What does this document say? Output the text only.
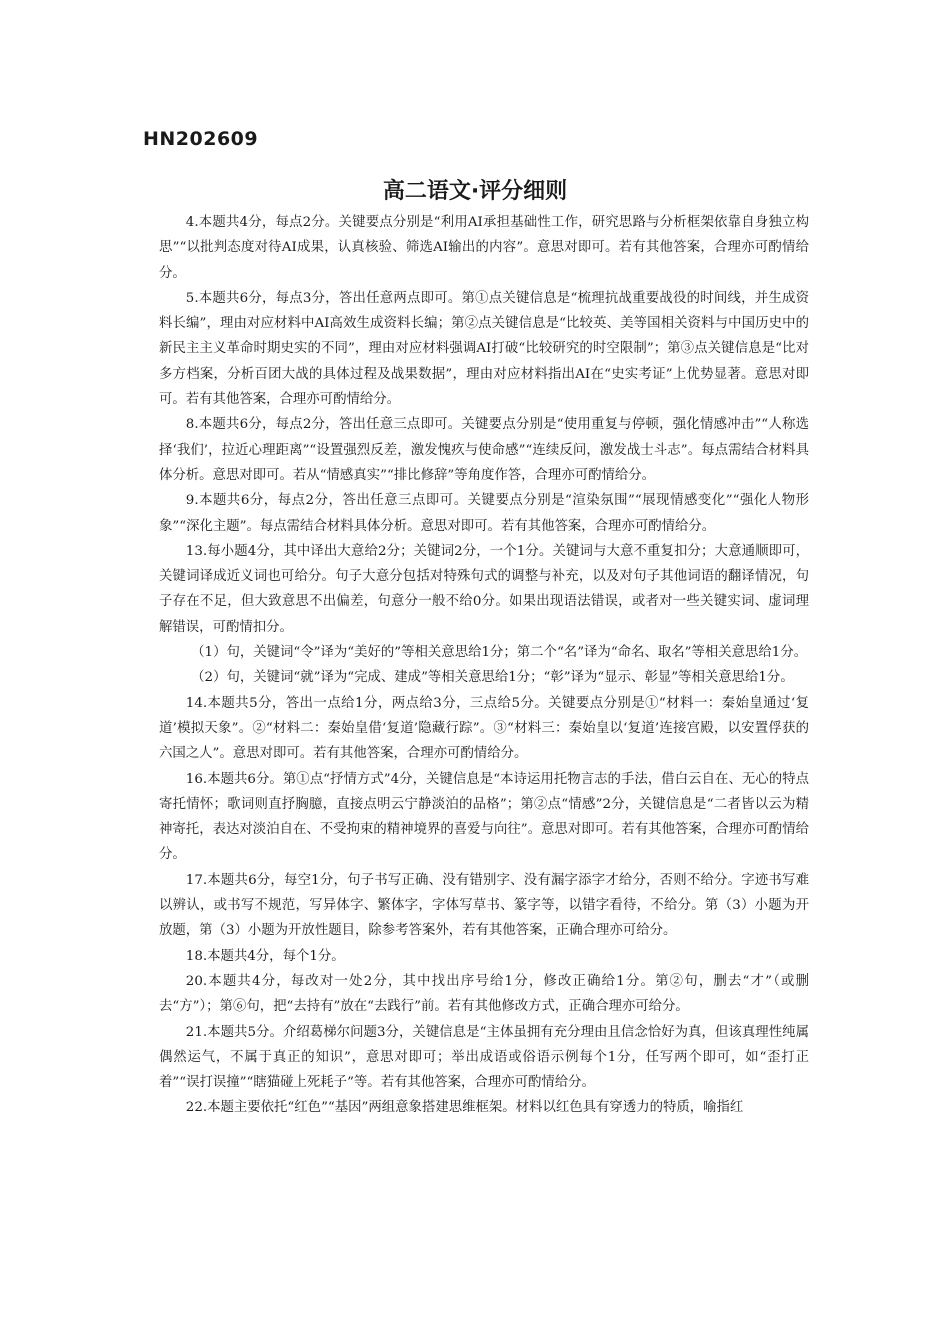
HN202609
高二语文·评分细则

4.本题共4分，每点2分。关键要点分别是“利用AI承担基础性工作，研究思路与分析框架依靠自身独立构思”“以批判态度对待AI成果，认真核验、筛选AI输出的内容”。意思对即可。若有其他答案，合理亦可酌情给分。

5.本题共6分，每点3分，答出任意两点即可。第①点关键信息是“梳理抗战重要战役的时间线，并生成资料长编”，理由对应材料中AI高效生成资料长编；第②点关键信息是“比较英、美等国相关资料与中国历史中的新民主主义革命时期史实的不同”，理由对应材料强调AI打破“比较研究的时空限制”；第③点关键信息是“比对多方档案，分析百团大战的具体过程及战果数据”，理由对应材料指出AI在“史实考证”上优势显著。意思对即可。若有其他答案，合理亦可酌情给分。

8.本题共6分，每点2分，答出任意三点即可。关键要点分别是“使用重复与停顿，强化情感冲击”“人称选择‘我们’，拉近心理距离”“设置强烈反差，激发愧疚与使命感”“连续反问，激发战士斗志”。每点需结合材料具体分析。意思对即可。若从“情感真实”“排比修辞”等角度作答，合理亦可酌情给分。

9.本题共6分，每点2分，答出任意三点即可。关键要点分别是“渲染氛围”“展现情感变化”“强化人物形象”“深化主题”。每点需结合材料具体分析。意思对即可。若有其他答案，合理亦可酌情给分。

13.每小题4分，其中译出大意给2分；关键词2分，一个1分。关键词与大意不重复扣分；大意通顺即可，关键词译成近义词也可给分。句子大意分包括对特殊句式的调整与补充，以及对句子其他词语的翻译情况，句子存在不足，但大致意思不出偏差，句意分一般不给0分。如果出现语法错误，或者对一些关键实词、虚词理解错误，可酌情扣分。

（1）句，关键词“令”译为“美好的”等相关意思给1分；第二个“名”译为“命名、取名”等相关意思给1分。

（2）句，关键词“就”译为“完成、建成”等相关意思给1分；“彰”译为“显示、彰显”等相关意思给1分。

14.本题共5分，答出一点给1分，两点给3分，三点给5分。关键要点分别是①“材料一：秦始皇通过‘复道’模拟天象”。②“材料二：秦始皇借‘复道’隐藏行踪”。③“材料三：秦始皇以‘复道’连接宫殿，以安置俘获的六国之人”。意思对即可。若有其他答案，合理亦可酌情给分。

16.本题共6分。第①点“抒情方式”4分，关键信息是“本诗运用托物言志的手法，借白云自在、无心的特点寄托情怀；歌词则直抒胸臆，直接点明云宁静淡泊的品格”；第②点“情感”2分，关键信息是“二者皆以云为精神寄托，表达对淡泊自在、不受拘束的精神境界的喜爱与向往”。意思对即可。若有其他答案，合理亦可酌情给分。

17.本题共6分，每空1分，句子书写正确、没有错别字、没有漏字添字才给分，否则不给分。字迹书写难以辨认，或书写不规范，写异体字、繁体字，字体写草书、篆字等，以错字看待，不给分。第（3）小题为开放题，第（3）小题为开放性题目，除参考答案外，若有其他答案，正确合理亦可给分。

18.本题共4分，每个1分。

20.本题共4分，每改对一处2分，其中找出序号给1分，修改正确给1分。第②句，删去“才”（或删去“方”）；第⑥句，把“去持有”放在“去践行”前。若有其他修改方式，正确合理亦可给分。

21.本题共5分。介绍葛梯尔问题3分，关键信息是“主体虽拥有充分理由且信念恰好为真，但该真理性纯属偶然运气，不属于真正的知识”，意思对即可；举出成语或俗语示例每个1分，任写两个即可，如“歪打正着”“误打误撞”“瞎猫碰上死耗子”等。若有其他答案，合理亦可酌情给分。

22.本题主要依托“红色”“基因”两组意象搭建思维框架。材料以红色具有穿透力的特质，喻指红
